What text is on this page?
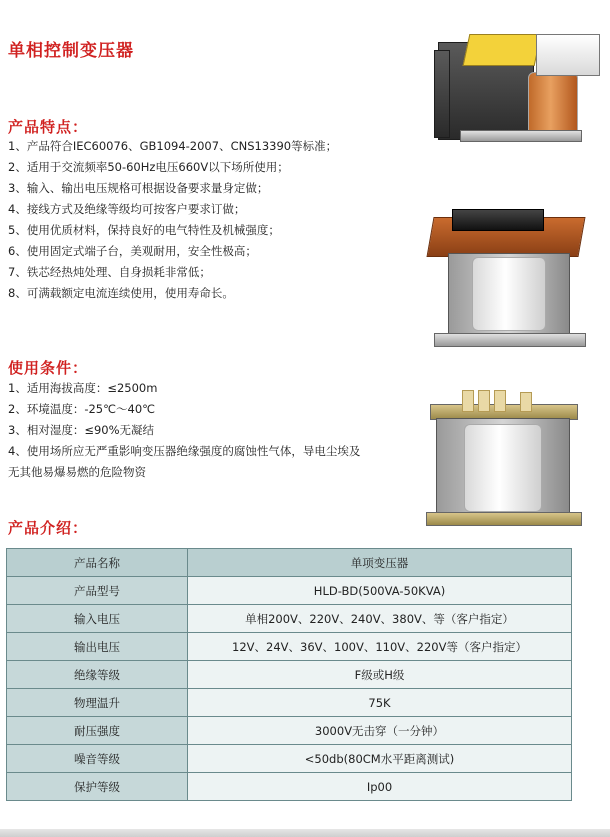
单相控制变压器
产品特点：
1、产品符合IEC60076、GB1094-2007、CNS13390等标准；
2、适用于交流频率50-60Hz电压660V以下场所使用；
3、输入、输出电压规格可根据设备要求量身定做；
4、接线方式及绝缘等级均可按客户要求订做；
5、使用优质材料，保持良好的电气特性及机械强度；
6、使用固定式端子台，美观耐用，安全性极高；
7、铁芯经热炖处理、自身损耗非常低；
8、可满载额定电流连续使用，使用寿命长。
使用条件：
1、适用海拔高度：≤2500m
2、环境温度：-25℃～40℃
3、相对湿度：≤90%无凝结
4、使用场所应无严重影响变压器绝缘强度的腐蚀性气体，导电尘埃及无其他易爆易燃的危险物资
产品介绍：
产品名称	单项变压器
产品型号	HLD-BD(500VA-50KVA)
输入电压	单相200V、220V、240V、380V、等（客户指定）
输出电压	12V、24V、36V、100V、110V、220V等（客户指定）
绝缘等级	F级或H级
物理温升	75K
耐压强度	3000V无击穿（一分钟）
噪音等级	<50db(80CM水平距离测试)
保护等级	Ip00
